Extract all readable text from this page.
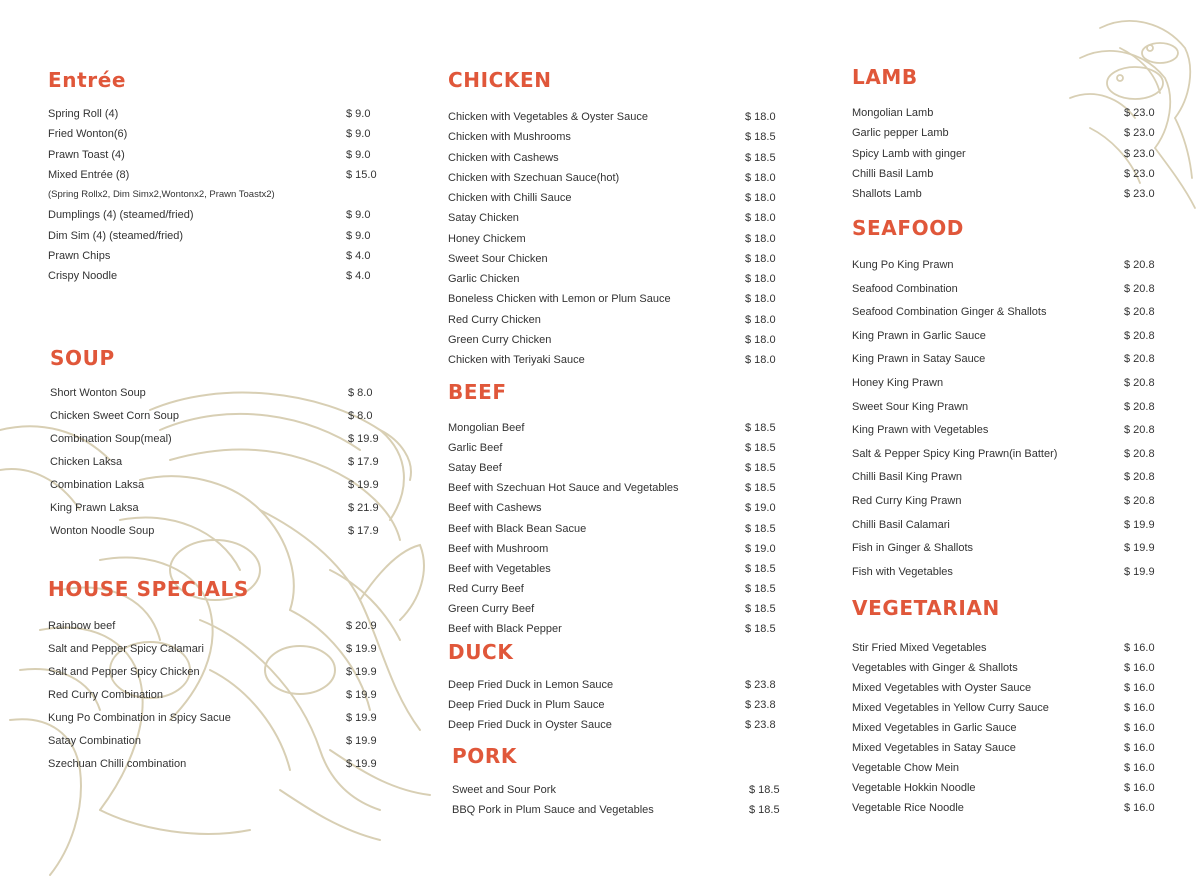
Entrée
Spring Roll (4)	$ 9.0
Fried Wonton(6)	$ 9.0
Prawn Toast (4)	$ 9.0
Mixed Entrée (8)	$ 15.0
(Spring Rollx2, Dim Simx2,Wontonx2, Prawn Toastx2)
Dumplings (4) (steamed/fried)	$ 9.0
Dim Sim (4) (steamed/fried)	$ 9.0
Prawn Chips	$ 4.0
Crispy Noodle	$ 4.0
SOUP
Short Wonton Soup	$ 8.0
Chicken Sweet Corn Soup	$ 8.0
Combination Soup(meal)	$ 19.9
Chicken Laksa	$ 17.9
Combination Laksa	$ 19.9
King Prawn Laksa	$ 21.9
Wonton Noodle Soup	$ 17.9
HOUSE SPECIALS
Rainbow beef	$ 20.9
Salt and Pepper Spicy Calamari	$ 19.9
Salt and Pepper Spicy Chicken	$ 19.9
Red Curry Combination	$ 19.9
Kung Po Combination in Spicy Sacue	$ 19.9
Satay Combination	$ 19.9
Szechuan Chilli combination	$ 19.9
CHICKEN
Chicken with Vegetables & Oyster Sauce	$ 18.0
Chicken with Mushrooms	$ 18.5
Chicken with Cashews	$ 18.5
Chicken with Szechuan Sauce(hot)	$ 18.0
Chicken with Chilli Sauce	$ 18.0
Satay Chicken	$ 18.0
Honey Chickem	$ 18.0
Sweet Sour Chicken	$ 18.0
Garlic Chicken	$ 18.0
Boneless Chicken with Lemon or Plum Sauce	$ 18.0
Red Curry Chicken	$ 18.0
Green Curry Chicken	$ 18.0
Chicken with Teriyaki Sauce	$ 18.0
BEEF
Mongolian Beef	$ 18.5
Garlic Beef	$ 18.5
Satay Beef	$ 18.5
Beef with Szechuan Hot Sauce and Vegetables	$ 18.5
Beef with Cashews	$ 19.0
Beef with Black Bean Sacue	$ 18.5
Beef with Mushroom	$ 19.0
Beef with Vegetables	$ 18.5
Red Curry Beef	$ 18.5
Green Curry Beef	$ 18.5
Beef with Black Pepper	$ 18.5
DUCK
Deep Fried Duck in Lemon Sauce	$ 23.8
Deep Fried Duck in Plum Sauce	$ 23.8
Deep Fried Duck in Oyster Sauce	$ 23.8
PORK
Sweet and Sour Pork	$ 18.5
BBQ Pork in Plum Sauce and Vegetables	$ 18.5
LAMB
Mongolian Lamb	$ 23.0
Garlic pepper Lamb	$ 23.0
Spicy Lamb with ginger	$ 23.0
Chilli Basil Lamb	$ 23.0
Shallots Lamb	$ 23.0
SEAFOOD
Kung Po King Prawn	$ 20.8
Seafood Combination	$ 20.8
Seafood Combination Ginger & Shallots	$ 20.8
King Prawn in Garlic Sauce	$ 20.8
King Prawn in Satay Sauce	$ 20.8
Honey King Prawn	$ 20.8
Sweet Sour King Prawn	$ 20.8
King Prawn with Vegetables	$ 20.8
Salt & Pepper Spicy King Prawn(in Batter)	$ 20.8
Chilli Basil King Prawn	$ 20.8
Red Curry King Prawn	$ 20.8
Chilli Basil Calamari	$ 19.9
Fish in Ginger & Shallots	$ 19.9
Fish with Vegetables	$ 19.9
VEGETARIAN
Stir Fried Mixed Vegetables	$ 16.0
Vegetables with Ginger & Shallots	$ 16.0
Mixed Vegetables with Oyster Sauce	$ 16.0
Mixed Vegetables in Yellow Curry Sauce	$ 16.0
Mixed Vegetables in Garlic Sauce	$ 16.0
Mixed Vegetables in Satay Sauce	$ 16.0
Vegetable Chow Mein	$ 16.0
Vegetable Hokkin Noodle	$ 16.0
Vegetable Rice Noodle	$ 16.0
